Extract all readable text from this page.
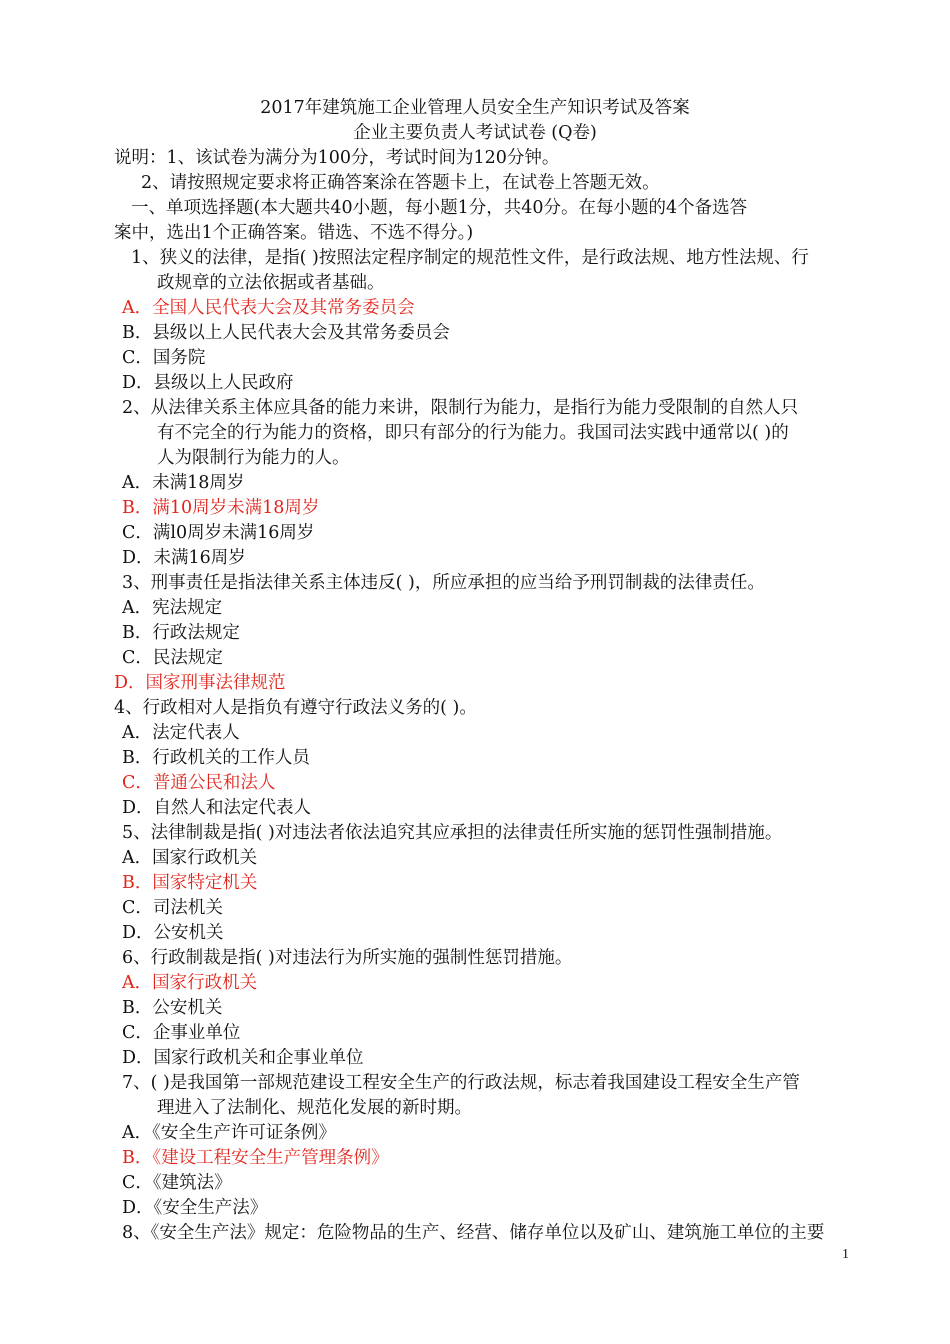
2017年建筑施工企业管理人员安全生产知识考试及答案
企业主要负责人考试试卷 (Q卷)
说明：1、该试卷为满分为100分，考试时间为120分钟。
2、请按照规定要求将正确答案涂在答题卡上，在试卷上答题无效。
一、单项选择题(本大题共40小题，每小题1分，共40分。在每小题的4个备选答
案中，选出1个正确答案。错选、不选不得分。)
1、狭义的法律，是指( )按照法定程序制定的规范性文件，是行政法规、地方性法规、行
政规章的立法依据或者基础。
A．全国人民代表大会及其常务委员会
B．县级以上人民代表大会及其常务委员会
C．国务院
D．县级以上人民政府
2、从法律关系主体应具备的能力来讲，限制行为能力，是指行为能力受限制的自然人只
有不完全的行为能力的资格，即只有部分的行为能力。我国司法实践中通常以( )的
人为限制行为能力的人。
A．未满18周岁
B．满10周岁未满18周岁
C．满l0周岁未满16周岁
D．未满16周岁
3、刑事责任是指法律关系主体违反( )，所应承担的应当给予刑罚制裁的法律责任。
A．宪法规定
B．行政法规定
C．民法规定
D．国家刑事法律规范
4、行政相对人是指负有遵守行政法义务的( )。
A．法定代表人
B．行政机关的工作人员
C．普通公民和法人
D．自然人和法定代表人
5、法律制裁是指( )对违法者依法追究其应承担的法律责任所实施的惩罚性强制措施。
A．国家行政机关
B．国家特定机关
C．司法机关
D．公安机关
6、行政制裁是指( )对违法行为所实施的强制性惩罚措施。
A．国家行政机关
B．公安机关
C．企事业单位
D．国家行政机关和企事业单位
7、( )是我国第一部规范建设工程安全生产的行政法规，标志着我国建设工程安全生产管
理进入了法制化、规范化发展的新时期。
A．《安全生产许可证条例》
B．《建设工程安全生产管理条例》
C．《建筑法》
D．《安全生产法》
8、《安全生产法》规定：危险物品的生产、经营、储存单位以及矿山、建筑施工单位的主要
1
